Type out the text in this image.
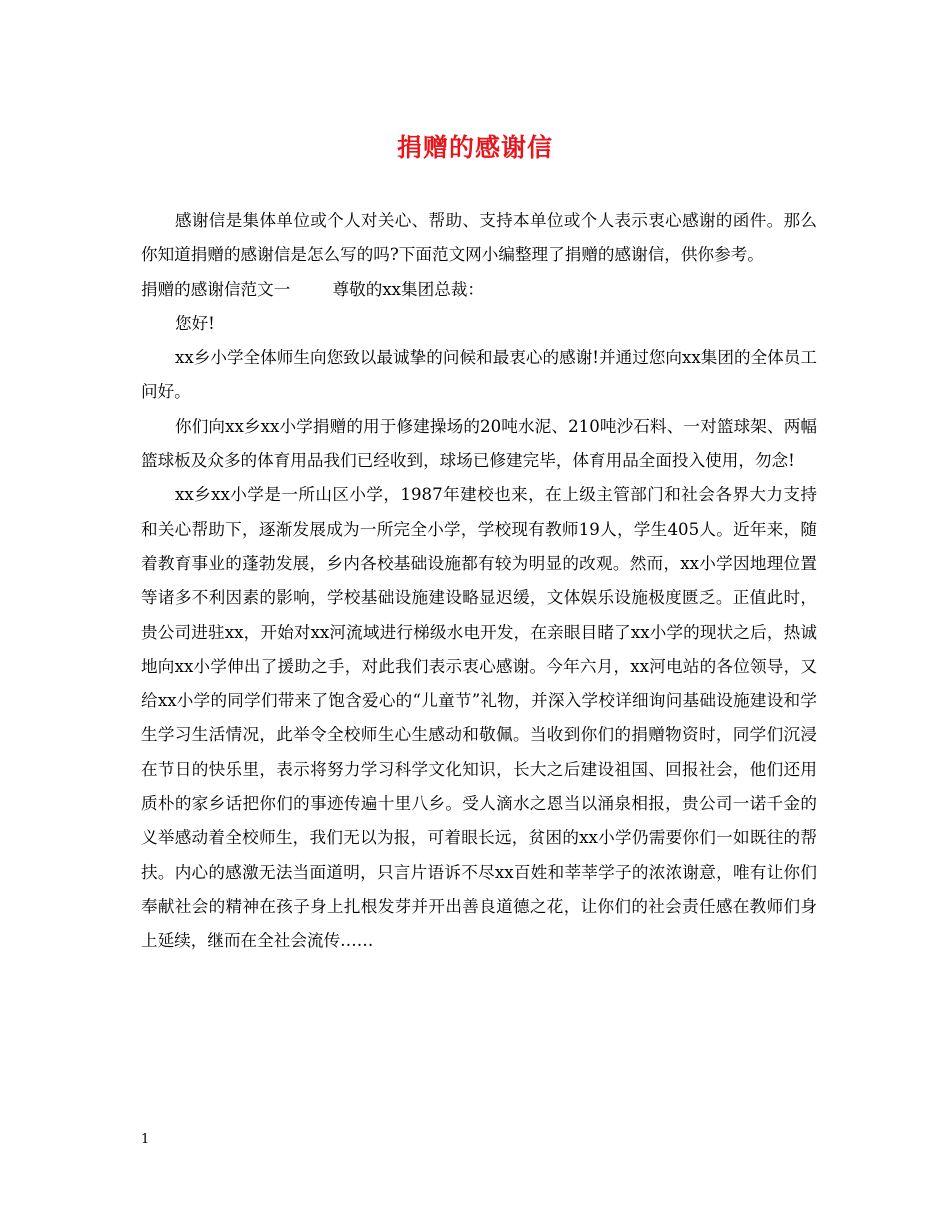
捐赠的感谢信

感谢信是集体单位或个人对关心、帮助、支持本单位或个人表示衷心感谢的函件。那么你知道捐赠的感谢信是怎么写的吗?下面范文网小编整理了捐赠的感谢信，供你参考。

捐赠的感谢信范文一	尊敬的xx集团总裁：

您好!

xx乡小学全体师生向您致以最诚挚的问候和最衷心的感谢!并通过您向xx集团的全体员工问好。

你们向xx乡xx小学捐赠的用于修建操场的20吨水泥、210吨沙石料、一对篮球架、两幅篮球板及众多的体育用品我们已经收到，球场已修建完毕，体育用品全面投入使用，勿念!

xx乡xx小学是一所山区小学，1987年建校也来，在上级主管部门和社会各界大力支持和关心帮助下，逐渐发展成为一所完全小学，学校现有教师19人，学生405人。近年来，随着教育事业的蓬勃发展，乡内各校基础设施都有较为明显的改观。然而，xx小学因地理位置等诸多不利因素的影响，学校基础设施建设略显迟缓，文体娱乐设施极度匮乏。正值此时，贵公司进驻xx，开始对xx河流域进行梯级水电开发，在亲眼目睹了xx小学的现状之后，热诚地向xx小学伸出了援助之手，对此我们表示衷心感谢。今年六月，xx河电站的各位领导，又给xx小学的同学们带来了饱含爱心的“儿童节”礼物，并深入学校详细询问基础设施建设和学生学习生活情况，此举令全校师生心生感动和敬佩。当收到你们的捐赠物资时，同学们沉浸在节日的快乐里，表示将努力学习科学文化知识，长大之后建设祖国、回报社会，他们还用质朴的家乡话把你们的事迹传遍十里八乡。受人滴水之恩当以涌泉相报，贵公司一诺千金的义举感动着全校师生，我们无以为报，可着眼长远，贫困的xx小学仍需要你们一如既往的帮扶。内心的感激无法当面道明，只言片语诉不尽xx百姓和莘莘学子的浓浓谢意，唯有让你们奉献社会的精神在孩子身上扎根发芽并开出善良道德之花，让你们的社会责任感在教师们身上延续，继而在全社会流传……

1
